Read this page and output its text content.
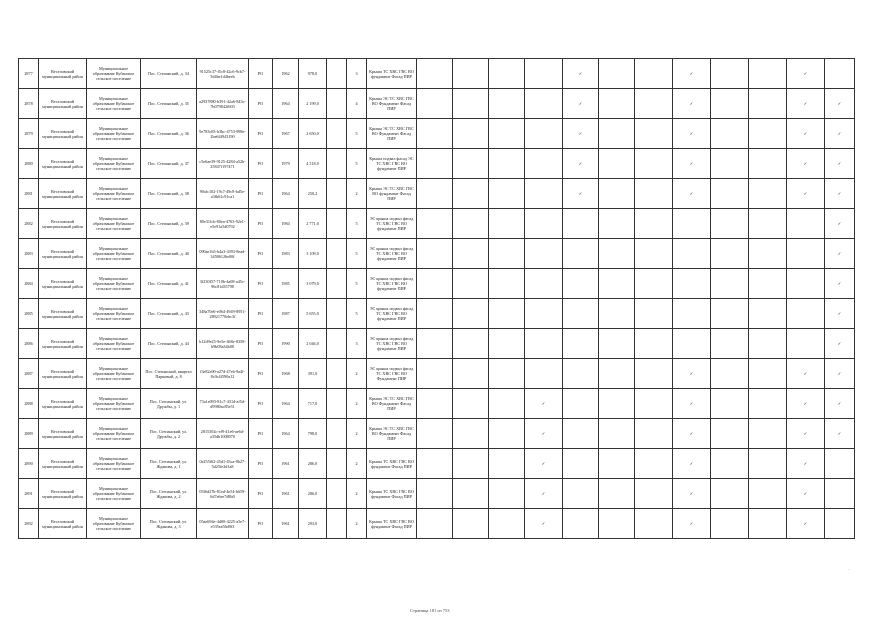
2877	Веселовский муниципальный район	Муниципальное образование Кубанское сельское поселение	Пос. Степанский, д. 34	91525c37-f5c8-42c6-9cb7-5d4be1d4beeb	РО	1962	978,0		3	Крыша ТС ХВС ГВС ВО фундамент Фасад ПИР					✓			✓			✓	
2878	Веселовский муниципальный район	Муниципальное образование Кубанское сельское поселение	Пос. Степанский, д. 35	a2937880-b391-42a6-843c-7b079842f603	РО	1964	2 199,0		4	Крыша ЭС ТС ХВС ГВС ВО Фундамент Фасад ПИР					✓			✓			✓	✓
2879	Веселовский муниципальный район	Муниципальное образование Кубанское сельское поселение	Пос. Степанский, д. 36	9e783c83-b3bc-4753-998e-2be64f943190	РО	1967	2 650,0		5	Крыша ЭС ТС ХВС ГВС ВО Фундамент Фасад ПИР					✓			✓			✓	✓
2880	Веселовский муниципальный район	Муниципальное образование Кубанское сельское поселение	Пос. Степанский, д. 37	c5e6ae39-9125-4284-a52b-25847f197471	РО	1979	4 518,0		5	Крыша подвал фасад ЭС ТС ХВС ГВС ВО фундамент ПИР					✓			✓			✓	✓
2881	Веселовский муниципальный район	Муниципальное образование Кубанское сельское поселение	Пос. Степанский, д. 38	90afc102-19c7-49c8-bd5e-a3fb61c91ca1	РО	1964	250,2		2	Крыша ЭС ТС ХВС ГВС ВО фундамент Фасад ПИР					✓			✓			✓	✓
2882	Веселовский муниципальный район	Муниципальное образование Кубанское сельское поселение	Пос. Степанский, д. 39	80e31fcb-80ea-4763-92e1-e5e91a5d0792	РО	1984	2 771,0		5	ЭС крыша подвал фасад ТС ХВС ГВС ВО фундамент ПИР												✓
2883	Веселовский муниципальный район	Муниципальное образование Кубанское сельское поселение	Пос. Степанский, д. 40	090ae1b5-b4a3-4393-8ead-34586126e00f	РО	1983	3 109,0		5	ЭС крыша подвал фасад ТС ХВС ГВС ВО фундамент ПИР												✓
2884	Веселовский муниципальный район	Муниципальное образование Кубанское сельское поселение	Пос. Степанский, д. 41	3f230f57-710b-4a08-a45c-96c81d35798	РО	1985	3 079,0		5	ЭС крыша подвал фасад ТС ХВС ГВС ВО фундамент ПИР												✓
2885	Веселовский муниципальный район	Муниципальное образование Кубанское сельское поселение	Пос. Степанский, д. 43	348a70e6-e064-4949-8951-28921770ebc3f	РО	1987	5 655,0		5	ЭС крыша подвал фасад ТС ХВС ГВС ВО фундамент ПИР												✓
2886	Веселовский муниципальный район	Муниципальное образование Кубанское сельское поселение	Пос. Степанский, д. 44	b12d9e25-9e5e-468e-8358-b9b08a34b08	РО	1990	2 046,0		3	ЭС крыша подвал фасад ТС ХВС ГВС ВО фундамент ПИР												✓
2887	Веселовский муниципальный район	Муниципальное образование Кубанское сельское поселение	Пос. Степанский, квартал Парковый, д. 8	f3e82a90-a27d-47eb-9a4f-8c0c4f590a12	РО	1968	391,0		2	ЭС крыша подвал фасад ТС ХВС ГВС ВО Фундамент ПИР								✓			✓	✓
2888	Веселовский муниципальный район	Муниципальное образование Кубанское сельское поселение	Пос. Степанский, ул. Дружбы, д. 1	73a1e093-81c7-431d-af5d-d9980ac85e51	РО	1964	717,0		2	Крыша ЭС ТС ХВС ГВС ВО Фундамент Фасад ПИР				✓				✓			✓	✓
2889	Веселовский муниципальный район	Муниципальное образование Кубанское сельское поселение	Пос. Степанский, ул. Дружбы, д. 2	2815302c-ef9-41e6-ae6d-a35db1008070	РО	1964	798,0		2	Крыша ЭС ТС ХВС ГВС ВО Фундамент Фасад ПИР				✓				✓			✓	✓
2890	Веселовский муниципальный район	Муниципальное образование Кубанское сельское поселение	Пос. Степанский, ул. Жданова, д. 1	0e255f62-45d1-43ca-9b27-5d25fe2d1a8	РО	1961	286,0		2	Крыша ТС ХВС ГВС ВО фундамент Фасад ПИР				✓				✓			✓	
2891	Веселовский муниципальный район	Муниципальное образование Кубанское сельское поселение	Пос. Степанский, ул. Жданова, д. 2	05f6d27b-81ed-4e54-b659-6d7e6ee7d8b0	РО	1961	286,0		2	Крыша ТС ХВС ГВС ВО фундамент Фасад ПИР				✓				✓			✓	
2892	Веселовский муниципальный район	Муниципальное образование Кубанское сельское поселение	Пос. Степанский, ул. Жданова, д. 3	05ae694e-4d00-4225-a5e7-e535ea56d9f3	РО	1961	293,0		2	Крыша ТС ХВС ГВС ВО фундамент Фасад ПИР				✓				✓			✓	
Страница 181 из 753
·
